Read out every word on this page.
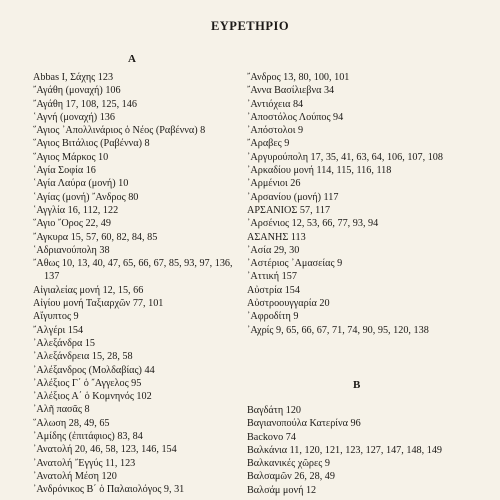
ΕΥΡΕΤΗΡΙΟ
Α

Abbas I, Σάχης 123

῎Αγάθη (μοναχή) 106

῎Αγάθη 17, 108, 125, 146

῾Αγνή (μοναχή) 136

῞Αγιος ᾿Απολλινάριος ὁ Νέος (Ραβέννα) 8

῞Αγιος Βιτάλιος (Ραβέννα) 8

῞Αγιος Μάρκος 10

῾Αγία Σοφία 16

῾Αγία Λαύρα (μονή) 10

῾Αγίας (μονή) ῎Ανδρος 80

῾Αγγλία 16, 112, 122

῞Αγιο ῎Ορος 22, 49

῎Αγκυρα 15, 57, 60, 82, 84, 85

῾Αδριανούπολη 38

῎Αθως 10, 13, 40, 47, 65, 66, 67, 85, 93, 97, 136, 137

Αἰγιαλείας μονή 12, 15, 66

Αἰγίου μονή Ταξιαρχῶν 77, 101

Αἴγυπτος 9

῎Αλγέρι 154

᾿Αλεξάνδρα 15

᾿Αλεξάνδρεια 15, 28, 58

᾿Αλέξανδρος (Μολδαβίας) 44

᾿Αλέξιος Γ΄ ὁ ῎Αγγελος 95

᾿Αλέξιος Α΄ ὁ Κομνηνός 102

᾿Αλῆ πασᾶς 8

῞Αλωση 28, 49, 65

᾿Αμίδης (ἐπιτάφιος) 83, 84

᾿Ανατολή 20, 46, 58, 123, 146, 154

᾿Ανατολή ῎Εγγύς 11, 123

᾿Ανατολή Μέση 120

᾿Ανδρόνικος Β΄ ὁ Παλαιολόγος 9, 31

῎Ανδρος 13, 80, 100, 101

῎Αννα Βασίλιεβνα 34

᾿Αντιόχεια 84

᾿Αποστόλος Λούπος 94

᾿Απόστολοι 9

῎Αραβες 9

᾿Αργυρούπολη 17, 35, 41, 63, 64, 106, 107, 108

᾿Αρκαδίου μονή 114, 115, 116, 118

᾿Αρμένιοι 26

᾿Αρσανίου (μονή) 117

ΑΡΣΑΝΙΟΣ 57, 117

᾿Αρσένιος 12, 53, 66, 77, 93, 94

ΑΣΑΝΗΣ 113

᾿Ασία 29, 30

᾿Αστέριος ᾿Αμασείας 9

᾿Αττική 157

Αὐστρία 154

Αὐστροουγγαρία 20

᾿Αφροδίτη 9

᾿Αχρίς 9, 65, 66, 67, 71, 74, 90, 95, 120, 138

Β

Βαγδάτη 120

Βαγιανοπούλα Κατερίνα 96

Backovo 74

Βαλκάνια 11, 120, 121, 123, 127, 147, 148, 149

Βαλκανικές χῶρες 9

Βαλσαμῶν 26, 28, 49

Βαλσάμ μονή 12
